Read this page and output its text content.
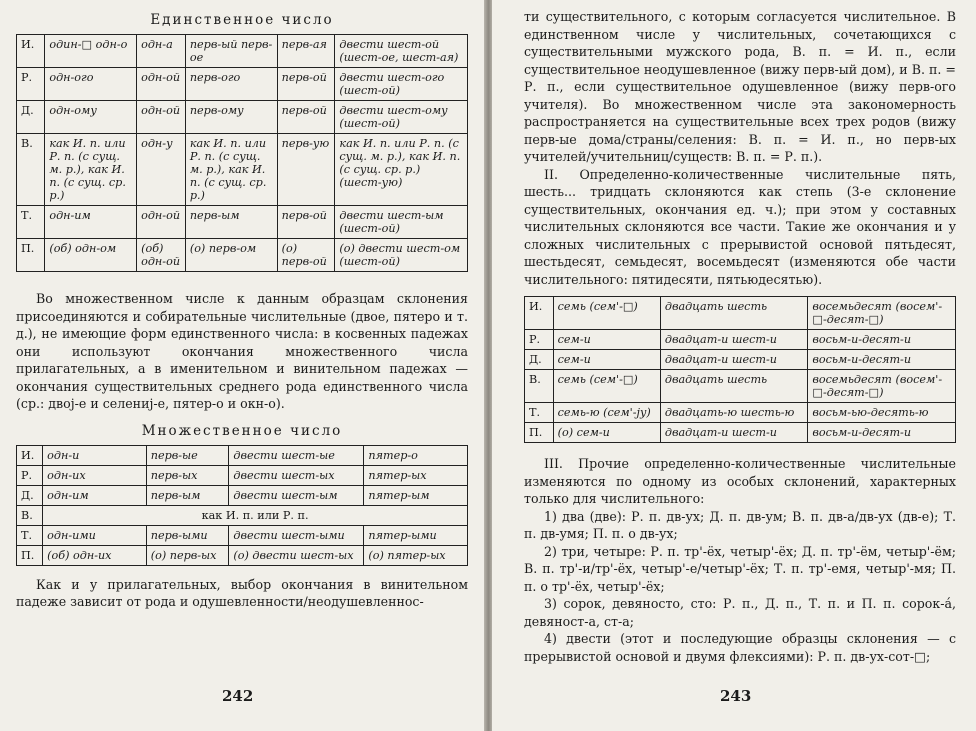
Единственное число
И.	один-□ одн-о	одн-а	перв-ый перв-ое	перв-ая	двести шест-ой (шест-ое, шест-ая)
Р.	одн-ого	одн-ой	перв-ого	перв-ой	двести шест-ого (шест-ой)
Д.	одн-ому	одн-ой	перв-ому	перв-ой	двести шест-ому (шест-ой)
В.	как И. п. или Р. п. (с сущ. м. р.), как И. п. (с сущ. ср. р.)	одн-у	как И. п. или Р. п. (с сущ. м. р.), как И. п. (с сущ. ср. р.)	перв-ую	как И. п. или Р. п. (с сущ. м. р.), как И. п. (с сущ. ср. р.) (шест-ую)
Т.	одн-им	одн-ой	перв-ым	перв-ой	двести шест-ым (шест-ой)
П.	(об) одн-ом	(об) одн-ой	(о) перв-ом	(о) перв-ой	(о) двести шест-ом (шест-ой)

Во множественном числе к данным образцам склонения присоединяются и собирательные числительные (двое, пятеро и т. д.), не имеющие форм единственного числа: в косвенных падежах они используют окончания множественного числа прилагательных, а в именительном и винительном падежах — окончания существительных среднего рода единственного числа (ср.: двој-е и селениј-е, пятер-о и окн-о).

Множественное число
И.	одн-и	перв-ые	двести шест-ые	пятер-о
Р.	одн-их	перв-ых	двести шест-ых	пятер-ых
Д.	одн-им	перв-ым	двести шест-ым	пятер-ым
В.	как И. п. или Р. п.			
Т.	одн-ими	перв-ыми	двести шест-ыми	пятер-ыми
П.	(об) одн-их	(о) перв-ых	(о) двести шест-ых	(о) пятер-ых

Как и у прилагательных, выбор окончания в винительном падеже зависит от рода и одушевленности/неодушевленнос-

242

ти существительного, с которым согласуется числительное. В единственном числе у числительных, сочетающихся с существительными мужского рода, В. п. = И. п., если существительное неодушевленное (вижу перв-ый дом), и В. п. = Р. п., если существительное одушевленное (вижу перв-ого учителя). Во множественном числе эта закономерность распространяется на существительные всех трех родов (вижу перв-ые дома/страны/селения: В. п. = И. п., но перв-ых учителей/учительниц/существ: В. п. = Р. п.).

II. Определенно-количественные числительные пять, шесть... тридцать склоняются как степь (3-е склонение существительных, окончания ед. ч.); при этом у составных числительных склоняются все части. Такие же окончания и у сложных числительных с прерывистой основой пятьдесят, шестьдесят, семьдесят, восемьдесят (изменяются обе части числительного: пятидесяти, пятьюдесятью).

И.	семь (сем'-□)	двадцать шесть	восемьдесят (восем'-□-десят-□)
Р.	сем-и	двадцат-и шест-и	восьм-и-десят-и
Д.	сем-и	двадцат-и шест-и	восьм-и-десят-и
В.	семь (сем'-□)	двадцать шесть	восемьдесят (восем'-□-десят-□)
Т.	семь-ю (сем'-ју)	двадцать-ю шесть-ю	восьм-ью-десять-ю
П.	(о) сем-и	двадцат-и шест-и	восьм-и-десят-и

III. Прочие определенно-количественные числительные изменяются по одному из особых склонений, характерных только для числительного:

1) два (две): Р. п. дв-ух; Д. п. дв-ум; В. п. дв-а/дв-ух (дв-е); Т. п. дв-умя; П. п. о дв-ух;

2) три, четыре: Р. п. тр'-ёх, четыр'-ёх; Д. п. тр'-ём, четыр'-ём; В. п. тр'-и/тр'-ёх, четыр'-е/четыр'-ёх; Т. п. тр'-емя, четыр'-мя; П. п. о тр'-ёх, четыр'-ёх;

3) сорок, девяносто, сто: Р. п., Д. п., Т. п. и П. п. сорок-á, девяност-а, ст-а;

4) двести (этот и последующие образцы склонения — с прерывистой основой и двумя флексиями): Р. п. дв-ух-сот-□;

243
